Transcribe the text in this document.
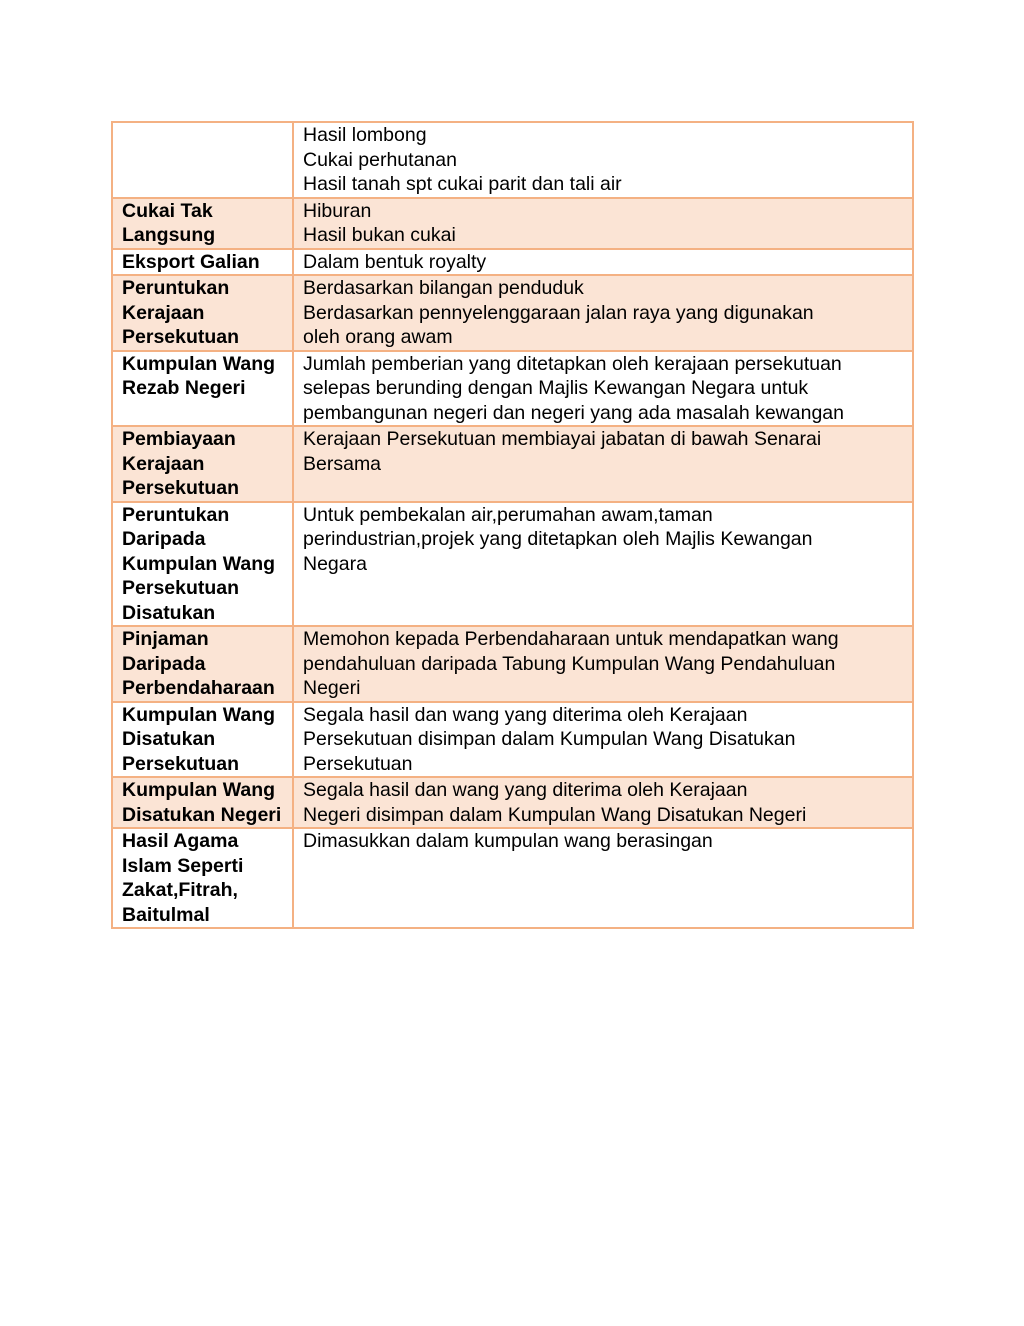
	Hasil lombong
Cukai perhutanan
Hasil tanah spt cukai parit dan tali air

Cukai Tak
Langsung	Hiburan
Hasil bukan cukai

Eksport Galian	Dalam bentuk royalty

Peruntukan
Kerajaan
Persekutuan	Berdasarkan bilangan penduduk
Berdasarkan pennyelenggaraan jalan raya yang digunakan
oleh orang awam

Kumpulan Wang
Rezab Negeri	Jumlah pemberian yang ditetapkan oleh kerajaan persekutuan
selepas berunding dengan Majlis Kewangan Negara untuk
pembangunan negeri dan negeri yang ada masalah kewangan

Pembiayaan
Kerajaan
Persekutuan	Kerajaan Persekutuan membiayai jabatan di bawah Senarai
Bersama

Peruntukan
Daripada
Kumpulan Wang
Persekutuan
Disatukan	Untuk pembekalan air,perumahan awam,taman
perindustrian,projek yang ditetapkan oleh Majlis Kewangan
Negara

Pinjaman
Daripada
Perbendaharaan	Memohon kepada Perbendaharaan untuk mendapatkan wang
pendahuluan daripada Tabung Kumpulan Wang Pendahuluan
Negeri

Kumpulan Wang
Disatukan
Persekutuan	Segala hasil dan wang yang diterima oleh Kerajaan
Persekutuan disimpan dalam Kumpulan Wang Disatukan
Persekutuan

Kumpulan Wang
Disatukan Negeri	Segala hasil dan wang yang diterima oleh Kerajaan
Negeri disimpan dalam Kumpulan Wang Disatukan Negeri

Hasil Agama
Islam Seperti
Zakat,Fitrah,
Baitulmal	Dimasukkan dalam kumpulan wang berasingan
